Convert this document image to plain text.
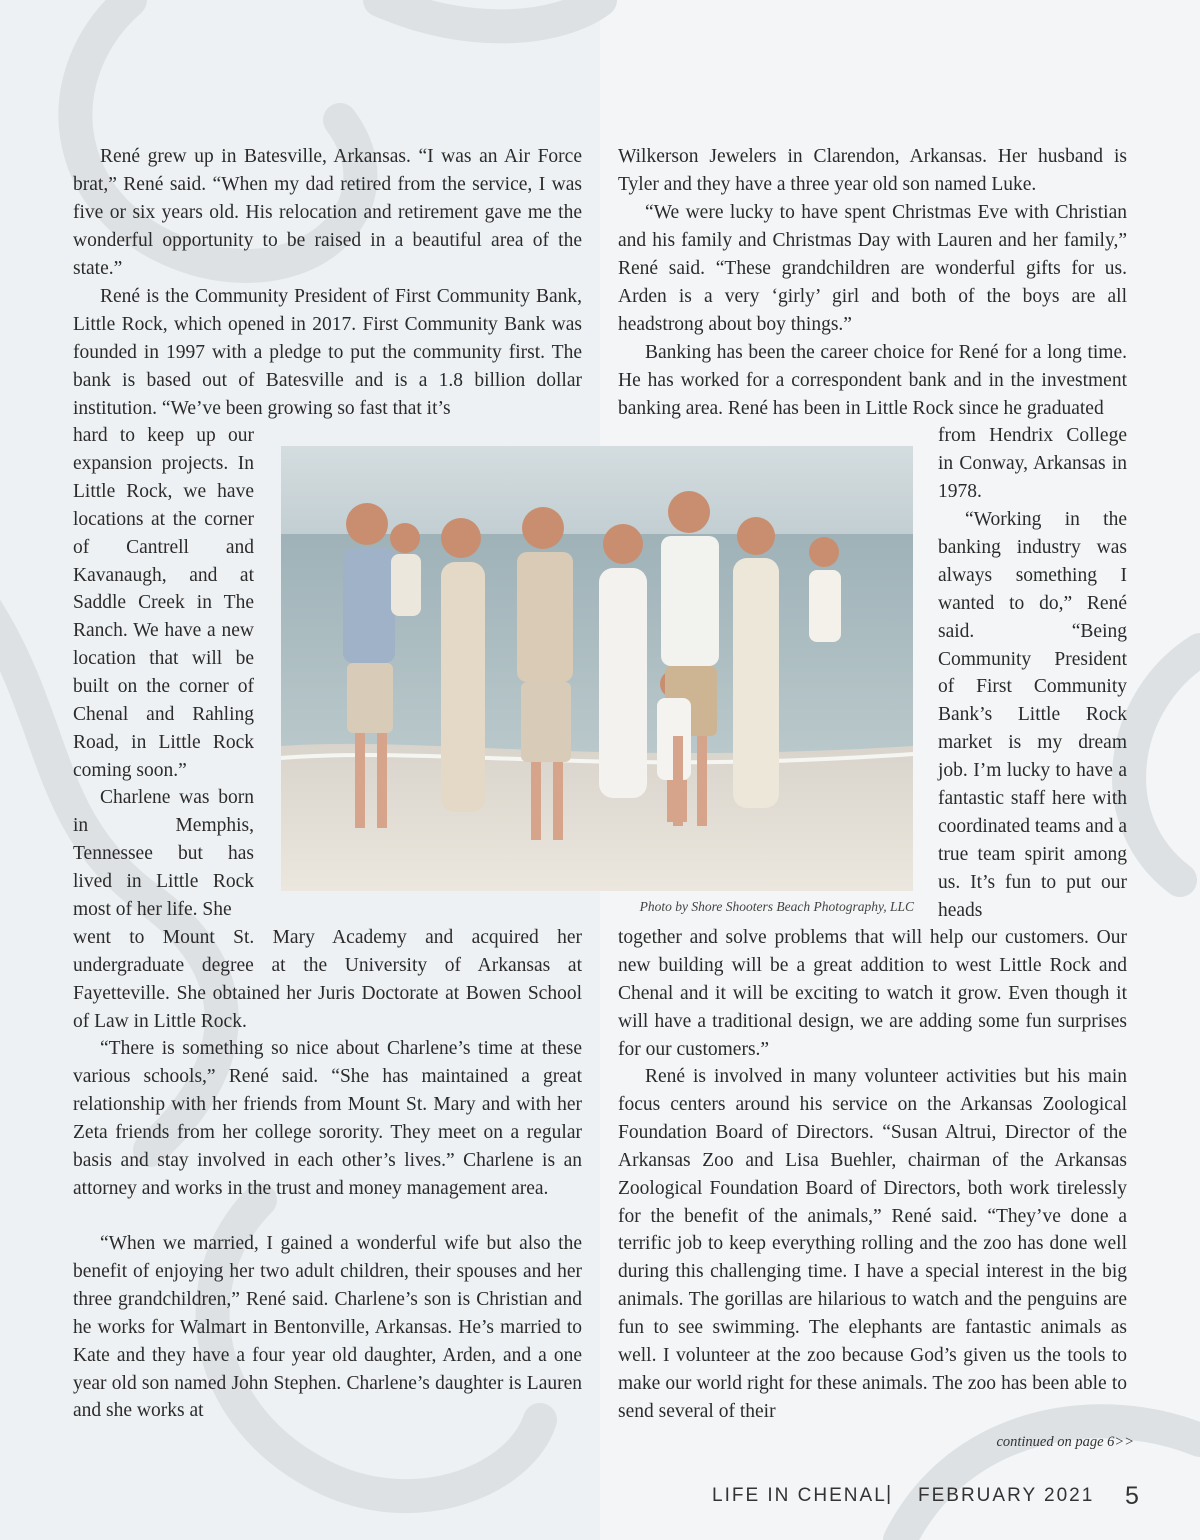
René grew up in Batesville, Arkansas. “I was an Air Force brat,” René said. “When my dad retired from the service, I was five or six years old. His relocation and retirement gave me the wonderful opportunity to be raised in a beautiful area of the state.”

René is the Community President of First Community Bank, Little Rock, which opened in 2017. First Community Bank was founded in 1997 with a pledge to put the community first. The bank is based out of Batesville and is a 1.8 billion dollar institution. “We’ve been growing so fast that it’s

hard to keep up our expansion projects. In Little Rock, we have locations at the corner of Cantrell and Kavanaugh, and at Saddle Creek in The Ranch. We have a new location that will be built on the corner of Chenal and Rahling Road, in Little Rock coming soon.”

Charlene was born in Memphis, Tennessee but has lived in Little Rock most of her life. She

went to Mount St. Mary Academy and acquired her undergraduate degree at the University of Arkansas at Fayetteville. She obtained her Juris Doctorate at Bowen School of Law in Little Rock.

“There is something so nice about Charlene’s time at these various schools,” René said. “She has maintained a great relationship with her friends from Mount St. Mary and with her Zeta friends from her college sorority. They meet on a regular basis and stay involved in each other’s lives.” Charlene is an attorney and works in the trust and money management area.

“When we married, I gained a wonderful wife but also the benefit of enjoying her two adult children, their spouses and her three grandchildren,” René said. Charlene’s son is Christian and he works for Walmart in Bentonville, Arkansas. He’s married to Kate and they have a four year old daughter, Arden, and a one year old son named John Stephen. Charlene’s daughter is Lauren and she works at

Wilkerson Jewelers in Clarendon, Arkansas. Her husband is Tyler and they have a three year old son named Luke.

“We were lucky to have spent Christmas Eve with Christian and his family and Christmas Day with Lauren and her family,” René said. “These grandchildren are wonderful gifts for us. Arden is a very ‘girly’ girl and both of the boys are all headstrong about boy things.”

Banking has been the career choice for René for a long time. He has worked for a correspondent bank and in the investment banking area. René has been in Little Rock since he graduated

from Hendrix College in Conway, Arkansas in 1978.

“Working in the banking industry was always something I wanted to do,” René said. “Being Community President of First Community Bank’s Little Rock market is my dream job. I’m lucky to have a fantastic staff here with coordinated teams and a true team spirit among us. It’s fun to put our heads

together and solve problems that will help our customers. Our new building will be a great addition to west Little Rock and Chenal and it will be exciting to watch it grow. Even though it will have a traditional design, we are adding some fun surprises for our customers.”

René is involved in many volunteer activities but his main focus centers around his service on the Arkansas Zoological Foundation Board of Directors. “Susan Altrui, Director of the Arkansas Zoo and Lisa Buehler, chairman of the Arkansas Zoological Foundation Board of Directors, both work tirelessly for the benefit of the animals,” René said. “They’ve done a terrific job to keep everything rolling and the zoo has done well during this challenging time. I have a special interest in the big animals. The gorillas are hilarious to watch and the penguins are fun to see swimming. The elephants are fantastic animals as well. I volunteer at the zoo because God’s given us the tools to make our world right for these animals. The zoo has been able to send several of their

Photo by Shore Shooters Beach Photography, LLC
continued on page 6>>
LIFE IN CHENAL | FEBRUARY 2021 5
